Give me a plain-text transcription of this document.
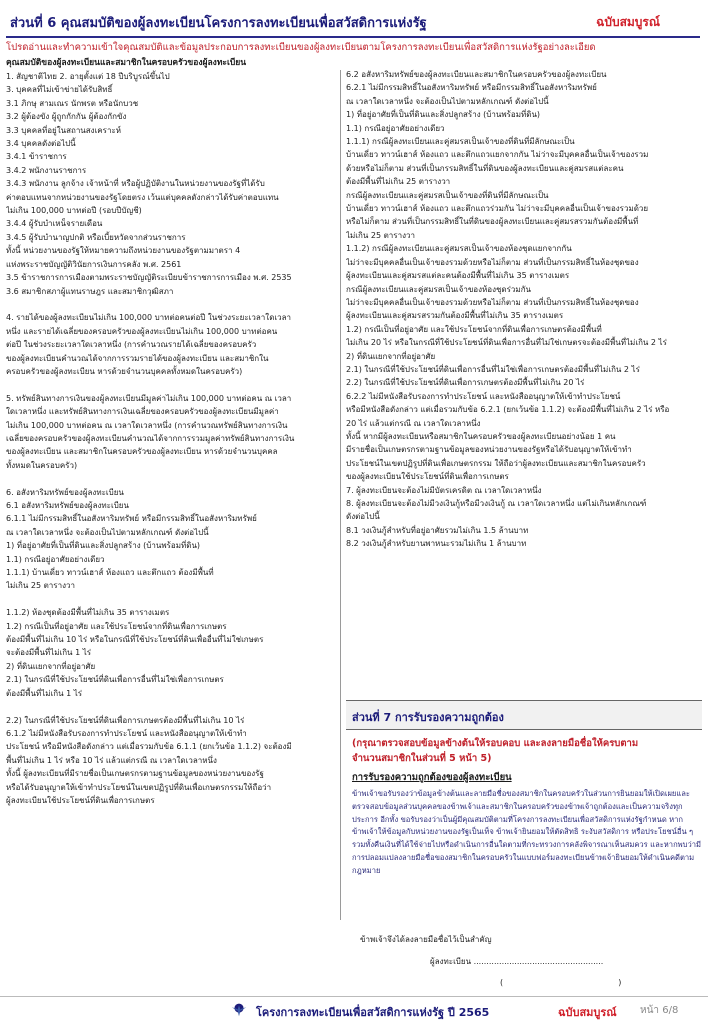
ส่วนที่ 6 คุณสมบัติของผู้ลงทะเบียนโครงการลงทะเบียนเพื่อสวัสดิการแห่งรัฐ	ฉบับสมบูรณ์
โปรดอ่านและทำความเข้าใจคุณสมบัติและข้อมูลประกอบการลงทะเบียนของผู้ลงทะเบียนตามโครงการลงทะเบียนเพื่อสวัสดิการแห่งรัฐอย่างละเอียด
คุณสมบัติของผู้ลงทะเบียนและสมาชิกในครอบครัวของผู้ลงทะเบียน
1. สัญชาติไทย 2. อายุตั้งแต่ 18 ปีบริบูรณ์ขึ้นไป
3. บุคคลที่ไม่เข้าข่ายได้รับสิทธิ์
3.1 ภิกษุ สามเณร นักพรต หรือนักบวช
3.2 ผู้ต้องขัง ผู้ถูกกักกัน ผู้ต้องกักขัง
3.3 บุคคลที่อยู่ในสถานสงเคราะห์
3.4 บุคคลดังต่อไปนี้
3.4.1 ข้าราชการ
3.4.2 พนักงานราชการ
3.4.3 พนักงาน ลูกจ้าง เจ้าหน้าที่ หรือผู้ปฏิบัติงานในหน่วยงานของรัฐที่ได้รับ
ค่าตอบแทนจากหน่วยงานของรัฐโดยตรง เว้นแต่บุคคลดังกล่าวได้รับค่าตอบแทน
ไม่เกิน 100,000 บาทต่อปี (รอบปีบัญชี)
3.4.4 ผู้รับบำเหน็จรายเดือน
3.4.5 ผู้รับบำนาญปกติ หรือเบี้ยหวัดจากส่วนราชการ
ทั้งนี้ หน่วยงานของรัฐให้หมายความถึงหน่วยงานของรัฐตามมาตรา 4
แห่งพระราชบัญญัติวินัยการเงินการคลัง พ.ศ. 2561
3.5 ข้าราชการการเมืองตามพระราชบัญญัติระเบียบข้าราชการการเมือง พ.ศ. 2535
3.6 สมาชิกสภาผู้แทนราษฎร และสมาชิกวุฒิสภา

4. รายได้ของผู้ลงทะเบียนไม่เกิน 100,000 บาทต่อคนต่อปี ในช่วงระยะเวลาใดเวลา
หนึ่ง และรายได้เฉลี่ยของครอบครัวของผู้ลงทะเบียนไม่เกิน 100,000 บาทต่อคน
ต่อปี ในช่วงระยะเวลาใดเวลาหนึ่ง (การคำนวณรายได้เฉลี่ยของครอบครัว
ของผู้ลงทะเบียนคำนวณได้จากการรวมรายได้ของผู้ลงทะเบียน และสมาชิกใน
ครอบครัวของผู้ลงทะเบียน หารด้วยจำนวนบุคคลทั้งหมดในครอบครัว)

5. ทรัพย์สินทางการเงินของผู้ลงทะเบียนมีมูลค่าไม่เกิน 100,000 บาทต่อคน ณ เวลา
ใดเวลาหนึ่ง และทรัพย์สินทางการเงินเฉลี่ยของครอบครัวของผู้ลงทะเบียนมีมูลค่า
ไม่เกิน 100,000 บาทต่อคน ณ เวลาใดเวลาหนึ่ง (การคำนวณทรัพย์สินทางการเงิน
เฉลี่ยของครอบครัวของผู้ลงทะเบียนคำนวณได้จากการรวมมูลค่าทรัพย์สินทางการเงิน
ของผู้ลงทะเบียน และสมาชิกในครอบครัวของผู้ลงทะเบียน หารด้วยจำนวนบุคคล
ทั้งหมดในครอบครัว)

6. อสังหาริมทรัพย์ของผู้ลงทะเบียน
6.1 อสังหาริมทรัพย์ของผู้ลงทะเบียน
6.1.1 ไม่มีกรรมสิทธิ์ในอสังหาริมทรัพย์ หรือมีกรรมสิทธิ์ในอสังหาริมทรัพย์
ณ เวลาใดเวลาหนึ่ง จะต้องเป็นไปตามหลักเกณฑ์ ดังต่อไปนี้
1) ที่อยู่อาศัยที่เป็นที่ดินและสิ่งปลูกสร้าง (บ้านพร้อมที่ดิน)
1.1) กรณีอยู่อาศัยอย่างเดียว
1.1.1) บ้านเดี่ยว ทาวน์เฮาส์ ห้องแถว และตึกแถว ต้องมีพื้นที่
ไม่เกิน 25 ตารางวา

1.1.2) ห้องชุดต้องมีพื้นที่ไม่เกิน 35 ตารางเมตร
1.2) กรณีเป็นที่อยู่อาศัย และใช้ประโยชน์จากที่ดินเพื่อการเกษตร
ต้องมีพื้นที่ไม่เกิน 10 ไร่ หรือในกรณีที่ใช้ประโยชน์ที่ดินเพื่ออื่นที่ไม่ใช่เกษตร
จะต้องมีพื้นที่ไม่เกิน 1 ไร่
2) ที่ดินแยกจากที่อยู่อาศัย
2.1) ในกรณีที่ใช้ประโยชน์ที่ดินเพื่อการอื่นที่ไม่ใช่เพื่อการเกษตร
ต้องมีพื้นที่ไม่เกิน 1 ไร่

2.2) ในกรณีที่ใช้ประโยชน์ที่ดินเพื่อการเกษตรต้องมีพื้นที่ไม่เกิน 10 ไร่
6.1.2 ไม่มีหนังสือรับรองการทำประโยชน์ และหนังสืออนุญาตให้เข้าทำ
ประโยชน์ หรือมีหนังสือดังกล่าว แต่เมื่อรวมกับข้อ 6.1.1 (ยกเว้นข้อ 1.1.2) จะต้องมี
พื้นที่ไม่เกิน 1 ไร่ หรือ 10 ไร่ แล้วแต่กรณี ณ เวลาใดเวลาหนึ่ง
ทั้งนี้ ผู้ลงทะเบียนที่มีรายชื่อเป็นเกษตรกรตามฐานข้อมูลของหน่วยงานของรัฐ
หรือได้รับอนุญาตให้เข้าทำประโยชน์ในเขตปฏิรูปที่ดินเพื่อเกษตรกรรมให้ถือว่า
ผู้ลงทะเบียนใช้ประโยชน์ที่ดินเพื่อการเกษตร
6.2 อสังหาริมทรัพย์ของผู้ลงทะเบียนและสมาชิกในครอบครัวของผู้ลงทะเบียน
6.2.1 ไม่มีกรรมสิทธิ์ในอสังหาริมทรัพย์ หรือมีกรรมสิทธิ์ในอสังหาริมทรัพย์
ณ เวลาใดเวลาหนึ่ง จะต้องเป็นไปตามหลักเกณฑ์ ดังต่อไปนี้
1) ที่อยู่อาศัยที่เป็นที่ดินและสิ่งปลูกสร้าง (บ้านพร้อมที่ดิน)
1.1) กรณีอยู่อาศัยอย่างเดียว
1.1.1) กรณีผู้ลงทะเบียนและคู่สมรสเป็นเจ้าของที่ดินที่มีลักษณะเป็น
บ้านเดี่ยว ทาวน์เฮาส์ ห้องแถว และตึกแถวแยกจากกัน ไม่ว่าจะมีบุคคลอื่นเป็นเจ้าของรวม
ด้วยหรือไม่ก็ตาม ส่วนที่เป็นกรรมสิทธิ์ในที่ดินของผู้ลงทะเบียนและคู่สมรสแต่ละคน
ต้องมีพื้นที่ไม่เกิน 25 ตารางวา
กรณีผู้ลงทะเบียนและคู่สมรสเป็นเจ้าของที่ดินที่มีลักษณะเป็น
บ้านเดี่ยว ทาวน์เฮาส์ ห้องแถว และตึกแถวร่วมกัน ไม่ว่าจะมีบุคคลอื่นเป็นเจ้าของรวมด้วย
หรือไม่ก็ตาม ส่วนที่เป็นกรรมสิทธิ์ในที่ดินของผู้ลงทะเบียนและคู่สมรสรวมกันต้องมีพื้นที่
ไม่เกิน 25 ตารางวา
1.1.2) กรณีผู้ลงทะเบียนและคู่สมรสเป็นเจ้าของห้องชุดแยกจากกัน
ไม่ว่าจะมีบุคคลอื่นเป็นเจ้าของรวมด้วยหรือไม่ก็ตาม ส่วนที่เป็นกรรมสิทธิ์ในห้องชุดของ
ผู้ลงทะเบียนและคู่สมรสแต่ละคนต้องมีพื้นที่ไม่เกิน 35 ตารางเมตร
กรณีผู้ลงทะเบียนและคู่สมรสเป็นเจ้าของห้องชุดร่วมกัน
ไม่ว่าจะมีบุคคลอื่นเป็นเจ้าของรวมด้วยหรือไม่ก็ตาม ส่วนที่เป็นกรรมสิทธิ์ในห้องชุดของ
ผู้ลงทะเบียนและคู่สมรสรวมกันต้องมีพื้นที่ไม่เกิน 35 ตารางเมตร
1.2) กรณีเป็นที่อยู่อาศัย และใช้ประโยชน์จากที่ดินเพื่อการเกษตรต้องมีพื้นที่
ไม่เกิน 20 ไร่ หรือในกรณีที่ใช้ประโยชน์ที่ดินเพื่อการอื่นที่ไม่ใช่เกษตรจะต้องมีพื้นที่ไม่เกิน 2 ไร่
2) ที่ดินแยกจากที่อยู่อาศัย
2.1) ในกรณีที่ใช้ประโยชน์ที่ดินเพื่อการอื่นที่ไม่ใช่เพื่อการเกษตรต้องมีพื้นที่ไม่เกิน 2 ไร่
2.2) ในกรณีที่ใช้ประโยชน์ที่ดินเพื่อการเกษตรต้องมีพื้นที่ไม่เกิน 20 ไร่
6.2.2 ไม่มีหนังสือรับรองการทำประโยชน์ และหนังสืออนุญาตให้เข้าทำประโยชน์
หรือมีหนังสือดังกล่าว แต่เมื่อรวมกับข้อ 6.2.1 (ยกเว้นข้อ 1.1.2) จะต้องมีพื้นที่ไม่เกิน 2 ไร่ หรือ
20 ไร่ แล้วแต่กรณี ณ เวลาใดเวลาหนึ่ง
ทั้งนี้ หากมีผู้ลงทะเบียนหรือสมาชิกในครอบครัวของผู้ลงทะเบียนอย่างน้อย 1 คน
มีรายชื่อเป็นเกษตรกรตามฐานข้อมูลของหน่วยงานของรัฐหรือได้รับอนุญาตให้เข้าทำ
ประโยชน์ในเขตปฏิรูปที่ดินเพื่อเกษตรกรรม ให้ถือว่าผู้ลงทะเบียนและสมาชิกในครอบครัว
ของผู้ลงทะเบียนใช้ประโยชน์ที่ดินเพื่อการเกษตร
7. ผู้ลงทะเบียนจะต้องไม่มีบัตรเครดิต ณ เวลาใดเวลาหนึ่ง
8. ผู้ลงทะเบียนจะต้องไม่มีวงเงินกู้หรือมีวงเงินกู้ ณ เวลาใดเวลาหนึ่ง แต่ไม่เกินหลักเกณฑ์
ดังต่อไปนี้
8.1 วงเงินกู้สำหรับที่อยู่อาศัยรวมไม่เกิน 1.5 ล้านบาท
8.2 วงเงินกู้สำหรับยานพาหนะรวมไม่เกิน 1 ล้านบาท
ส่วนที่ 7 การรับรองความถูกต้อง
(กรุณาตรวจสอบข้อมูลข้างต้นให้รอบคอบ และลงลายมือชื่อให้ครบตาม
จำนวนสมาชิกในส่วนที่ 5 หน้า 5)
การรับรองความถูกต้องของผู้ลงทะเบียน
ข้าพเจ้าขอรับรองว่าข้อมูลข้างต้นและลายมือชื่อของสมาชิกในครอบครัวในส่วนการยินยอมให้เปิดเผยและตรวจสอบข้อมูลส่วนบุคคลของข้าพเจ้าและสมาชิกในครอบครัวของข้าพเจ้าถูกต้องและเป็นความจริงทุกประการ อีกทั้ง ขอรับรองว่าเป็นผู้มีคุณสมบัติตามที่โครงการลงทะเบียนเพื่อสวัสดิการแห่งรัฐกำหนด หากข้าพเจ้าให้ข้อมูลกับหน่วยงานของรัฐเป็นเท็จ ข้าพเจ้ายินยอมให้ตัดสิทธิ ระงับสวัสดิการ หรือประโยชน์อื่น ๆ รวมทั้งคืนเงินที่ได้ใช้จ่ายไปหรือดำเนินการอื่นใดตามที่กระทรวงการคลังพิจารณาเห็นสมควร และหากพบว่ามีการปลอมแปลงลายมือชื่อของสมาชิกในครอบครัวในแบบฟอร์มลงทะเบียนข้าพเจ้ายินยอมให้ดำเนินคดีตามกฎหมาย
ข้าพเจ้าจึงได้ลงลายมือชื่อไว้เป็นสำคัญ
ผู้ลงทะเบียน ...................................................
(	)
โครงการลงทะเบียนเพื่อสวัสดิการแห่งรัฐ ปี 2565	ฉบับสมบูรณ์ หน้า 6/8
